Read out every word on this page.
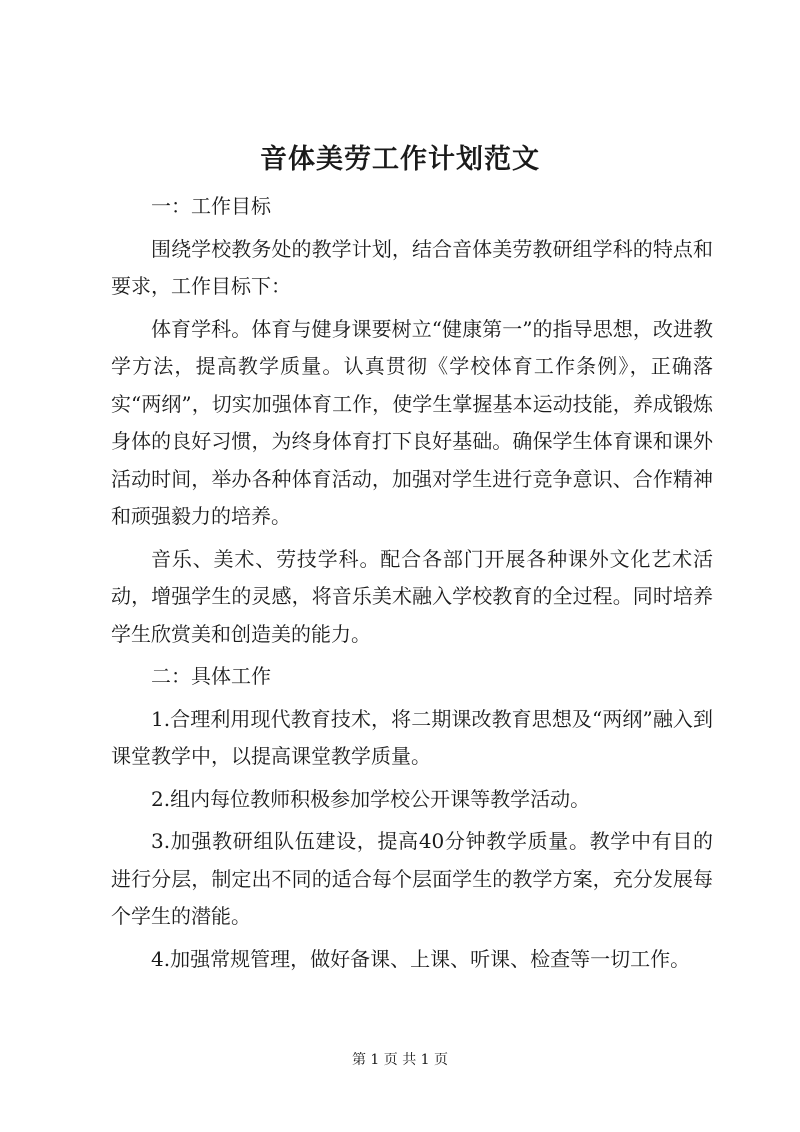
音体美劳工作计划范文

一：工作目标

围绕学校教务处的教学计划，结合音体美劳教研组学科的特点和要求，工作目标下：

体育学科。体育与健身课要树立“健康第一”的指导思想，改进教学方法，提高教学质量。认真贯彻《学校体育工作条例》，正确落实“两纲”，切实加强体育工作，使学生掌握基本运动技能，养成锻炼身体的良好习惯，为终身体育打下良好基础。确保学生体育课和课外活动时间，举办各种体育活动，加强对学生进行竞争意识、合作精神和顽强毅力的培养。

音乐、美术、劳技学科。配合各部门开展各种课外文化艺术活动，增强学生的灵感，将音乐美术融入学校教育的全过程。同时培养学生欣赏美和创造美的能力。

二：具体工作

1.合理利用现代教育技术，将二期课改教育思想及“两纲”融入到课堂教学中，以提高课堂教学质量。

2.组内每位教师积极参加学校公开课等教学活动。

3.加强教研组队伍建设，提高40分钟教学质量。教学中有目的进行分层，制定出不同的适合每个层面学生的教学方案，充分发展每个学生的潜能。

4.加强常规管理，做好备课、上课、听课、检查等一切工作。

第 1 页 共 1 页
